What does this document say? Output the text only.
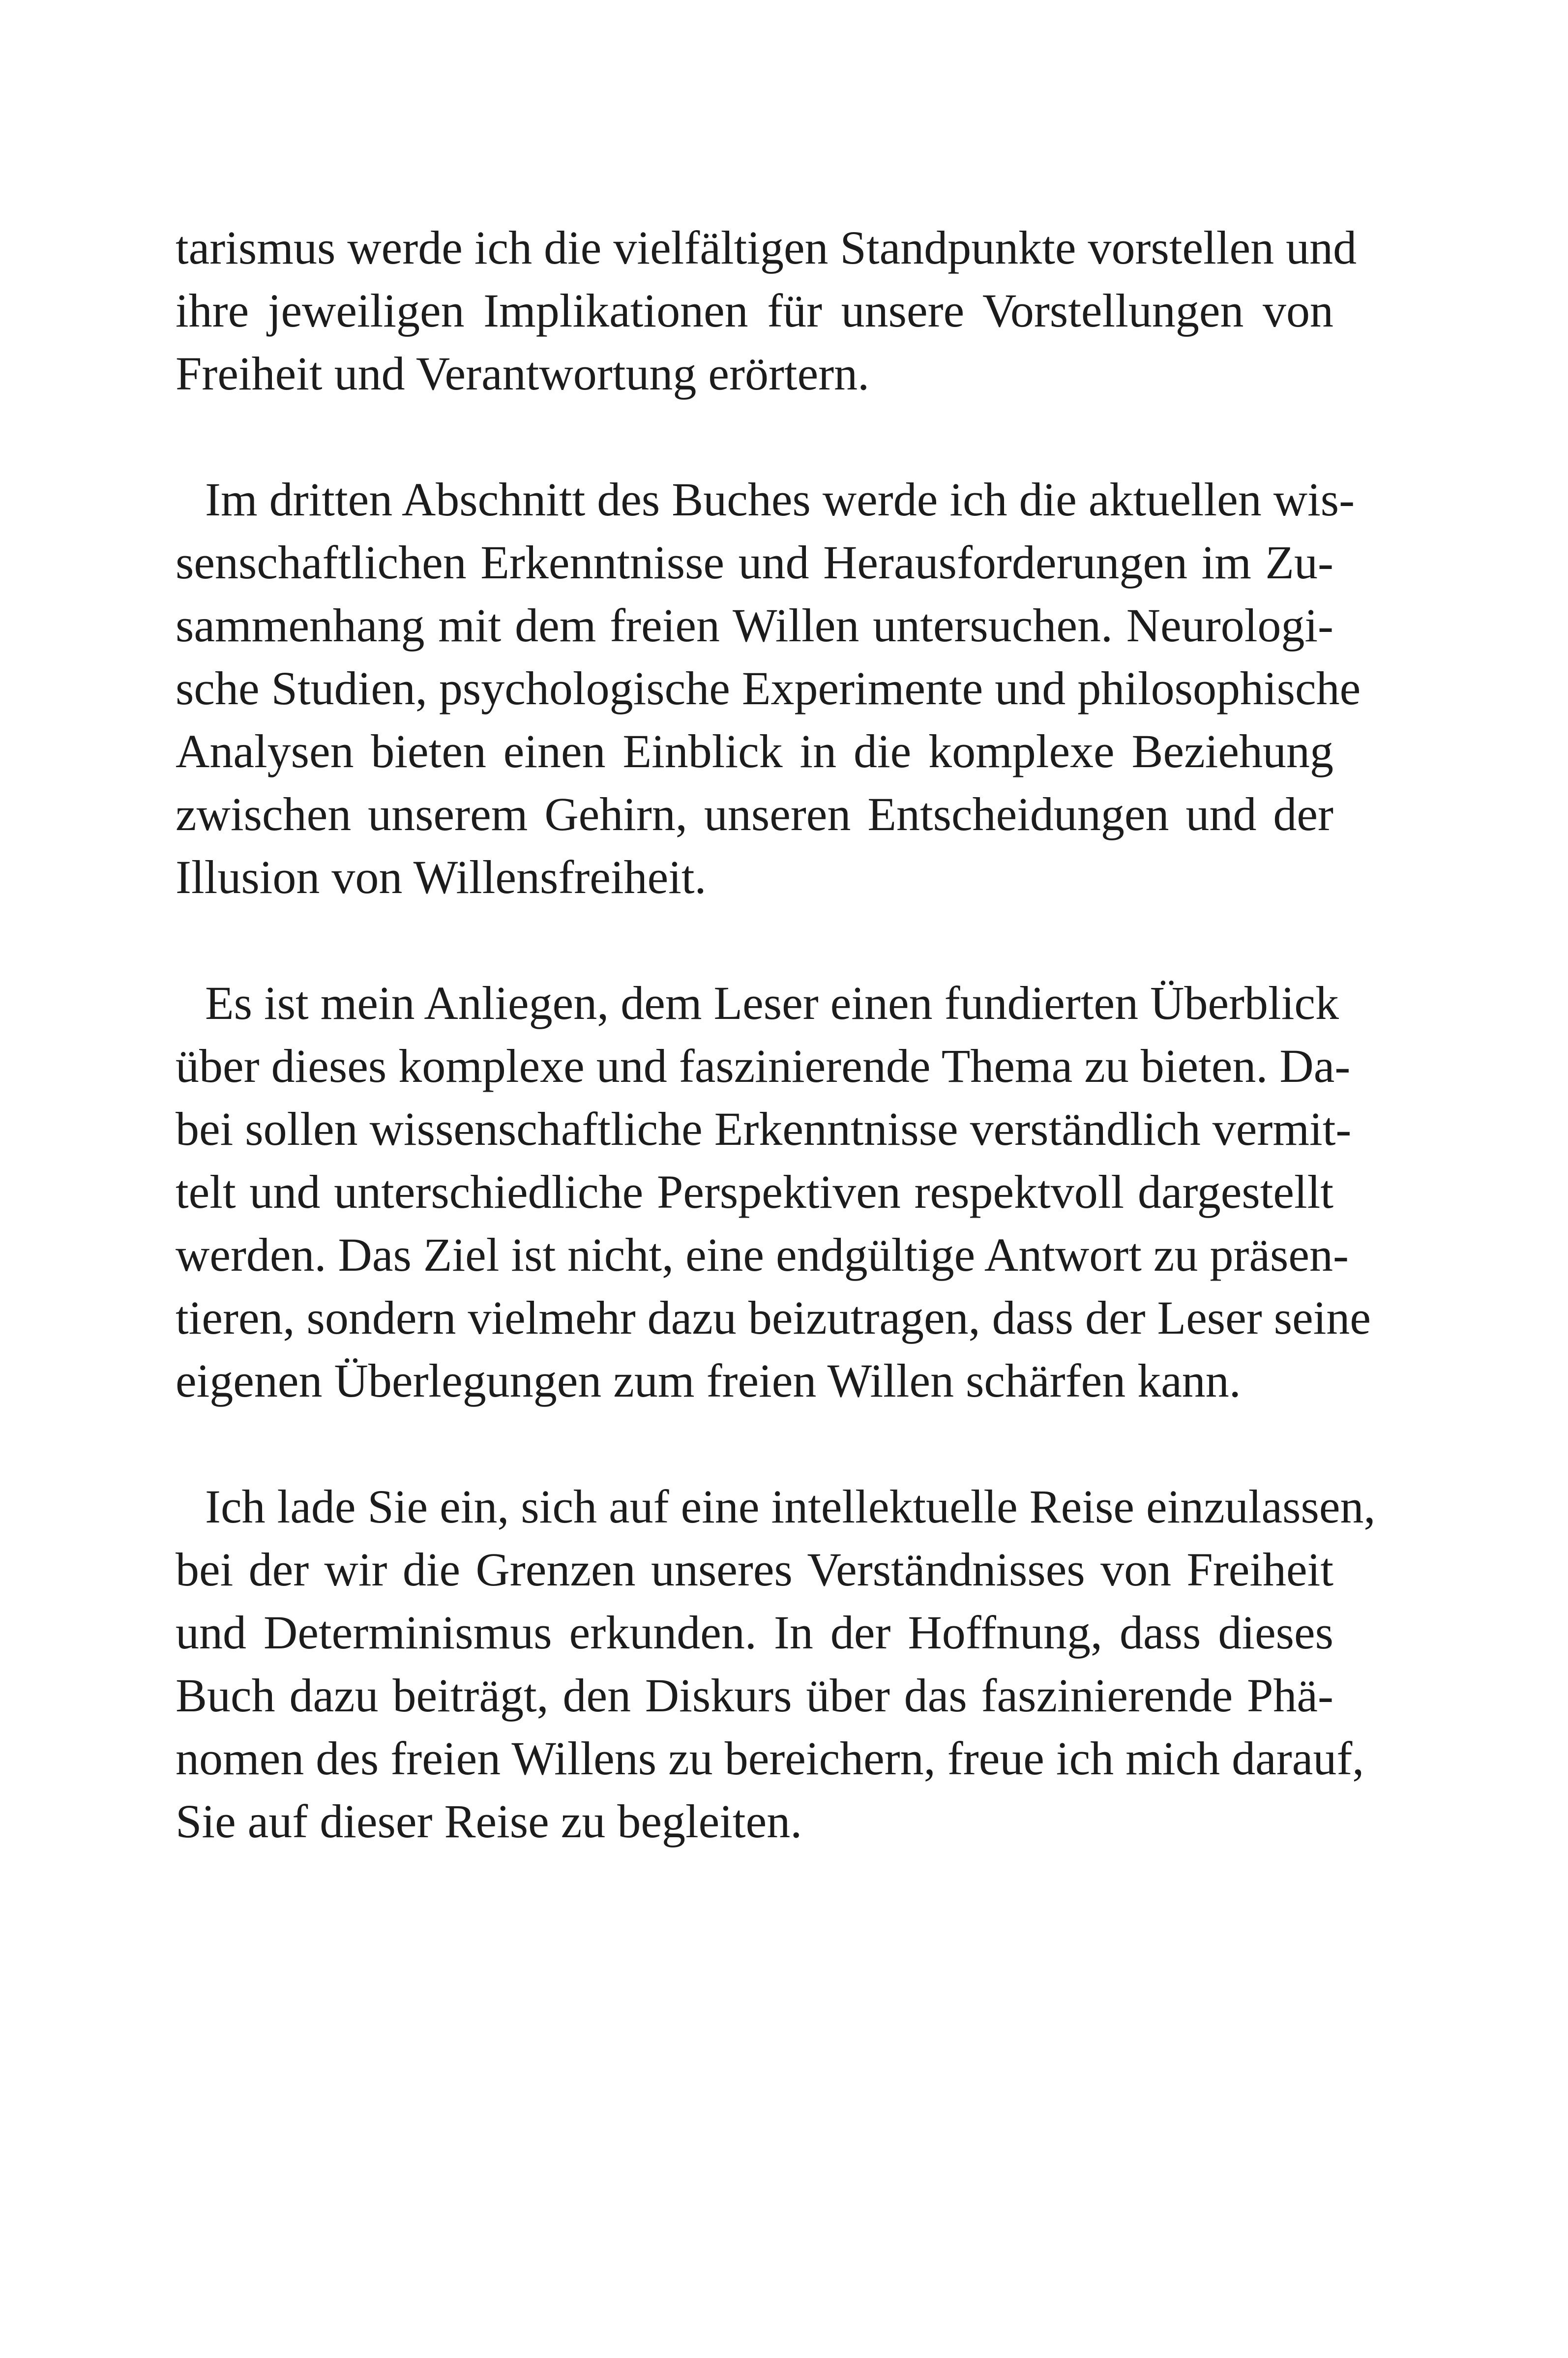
tarismus werde ich die vielfältigen Standpunkte vorstellen und
ihre jeweiligen Implikationen für unsere Vorstellungen von
Freiheit und Verantwortung erörtern.
Im dritten Abschnitt des Buches werde ich die aktuellen wis-
senschaftlichen Erkenntnisse und Herausforderungen im Zu-
sammenhang mit dem freien Willen untersuchen. Neurologi-
sche Studien, psychologische Experimente und philosophische
Analysen bieten einen Einblick in die komplexe Beziehung
zwischen unserem Gehirn, unseren Entscheidungen und der
Illusion von Willensfreiheit.
Es ist mein Anliegen, dem Leser einen fundierten Überblick
über dieses komplexe und faszinierende Thema zu bieten. Da-
bei sollen wissenschaftliche Erkenntnisse verständlich vermit-
telt und unterschiedliche Perspektiven respektvoll dargestellt
werden. Das Ziel ist nicht, eine endgültige Antwort zu präsen-
tieren, sondern vielmehr dazu beizutragen, dass der Leser seine
eigenen Überlegungen zum freien Willen schärfen kann.
Ich lade Sie ein, sich auf eine intellektuelle Reise einzulassen,
bei der wir die Grenzen unseres Verständnisses von Freiheit
und Determinismus erkunden. In der Hoffnung, dass dieses
Buch dazu beiträgt, den Diskurs über das faszinierende Phä-
nomen des freien Willens zu bereichern, freue ich mich darauf,
Sie auf dieser Reise zu begleiten.
